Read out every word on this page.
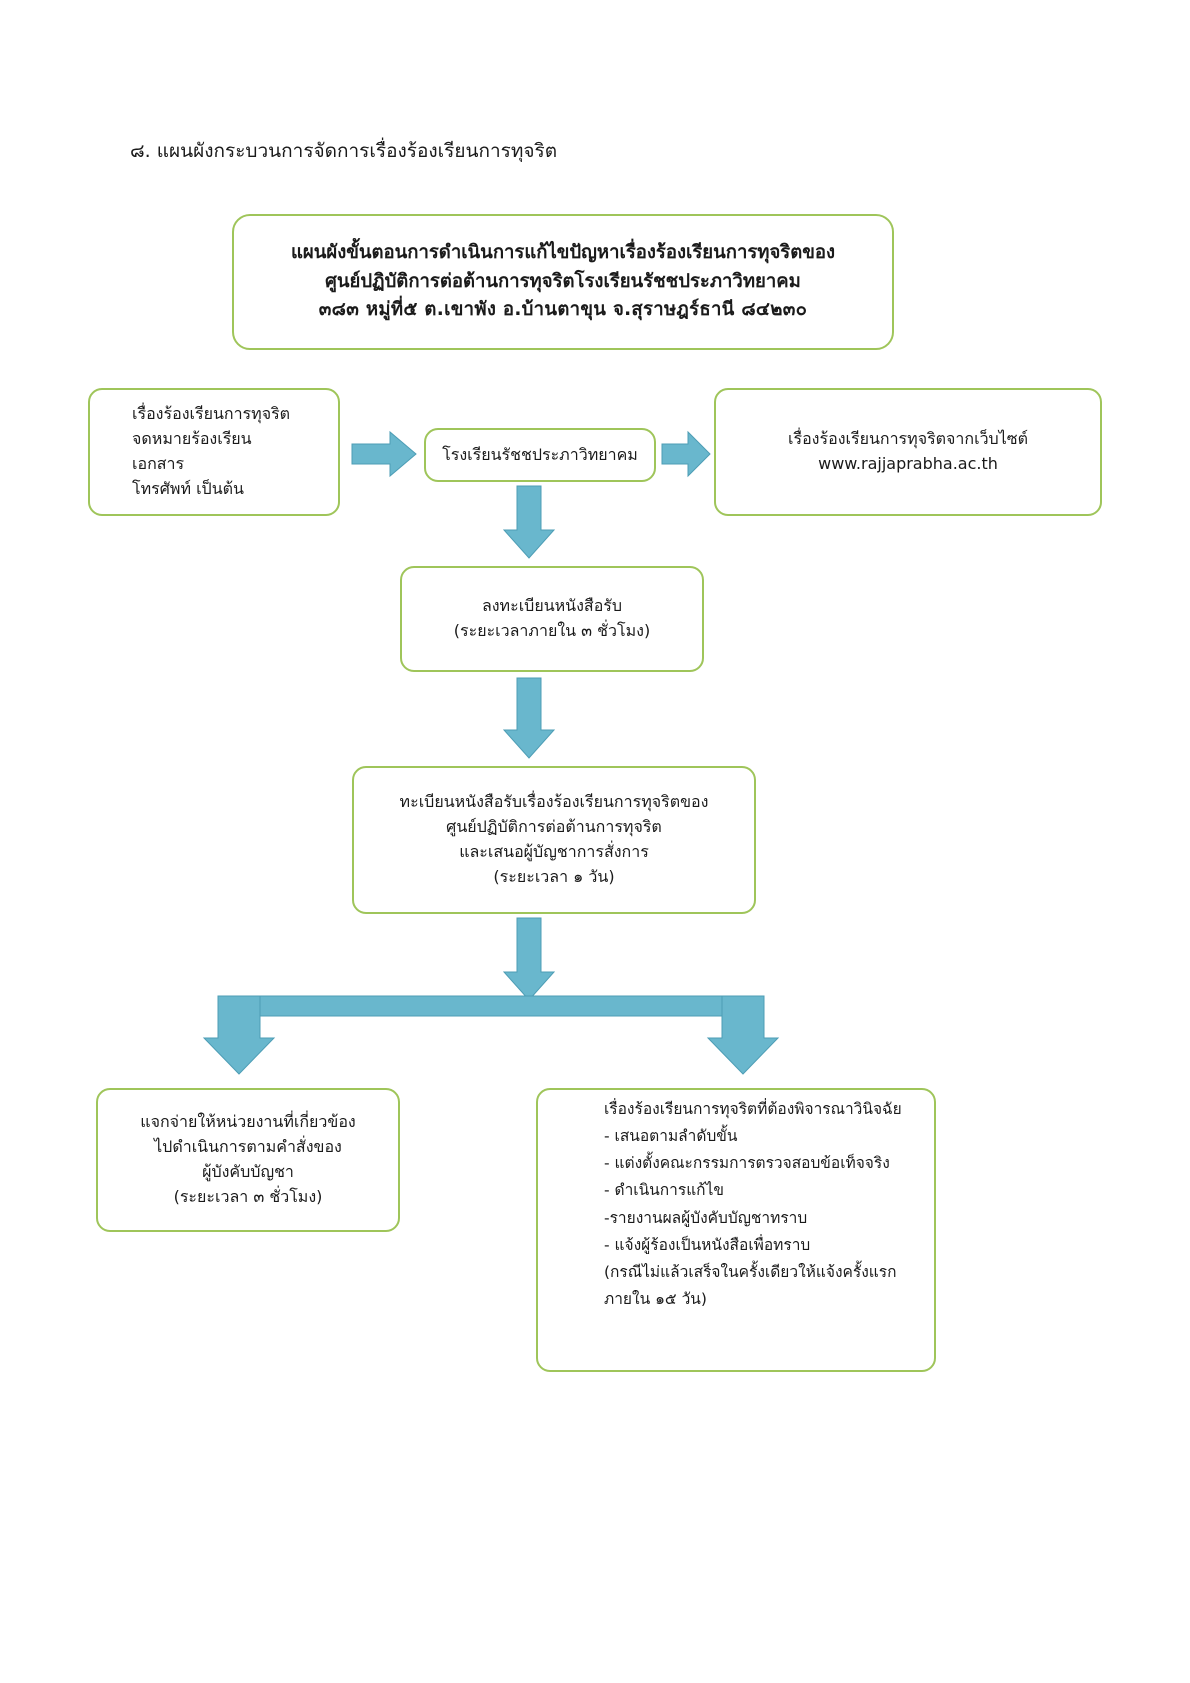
๘. แผนผังกระบวนการจัดการเรื่องร้องเรียนการทุจริต
แผนผังขั้นตอนการดำเนินการแก้ไขปัญหาเรื่องร้องเรียนการทุจริตของ
ศูนย์ปฏิบัติการต่อต้านการทุจริตโรงเรียนรัชชประภาวิทยาคม
๓๘๓ หมู่ที่๕ ต.เขาพัง อ.บ้านตาขุน จ.สุราษฎร์ธานี ๘๔๒๓๐
เรื่องร้องเรียนการทุจริต
จดหมายร้องเรียน
เอกสาร
โทรศัพท์ เป็นต้น
โรงเรียนรัชชประภาวิทยาคม
เรื่องร้องเรียนการทุจริตจากเว็บไซต์
www.rajjaprabha.ac.th
ลงทะเบียนหนังสือรับ
(ระยะเวลาภายใน ๓ ชั่วโมง)
ทะเบียนหนังสือรับเรื่องร้องเรียนการทุจริตของ
ศูนย์ปฏิบัติการต่อต้านการทุจริต
และเสนอผู้บัญชาการสั่งการ
(ระยะเวลา ๑ วัน)
แจกจ่ายให้หน่วยงานที่เกี่ยวข้อง
ไปดำเนินการตามคำสั่งของ
ผู้บังคับบัญชา
(ระยะเวลา ๓ ชั่วโมง)
เรื่องร้องเรียนการทุจริตที่ต้องพิจารณาวินิจฉัย
- เสนอตามลำดับขั้น
- แต่งตั้งคณะกรรมการตรวจสอบข้อเท็จจริง
- ดำเนินการแก้ไข
-รายงานผลผู้บังคับบัญชาทราบ
- แจ้งผู้ร้องเป็นหนังสือเพื่อทราบ
(กรณีไม่แล้วเสร็จในครั้งเดียวให้แจ้งครั้งแรก
ภายใน ๑๕ วัน)
